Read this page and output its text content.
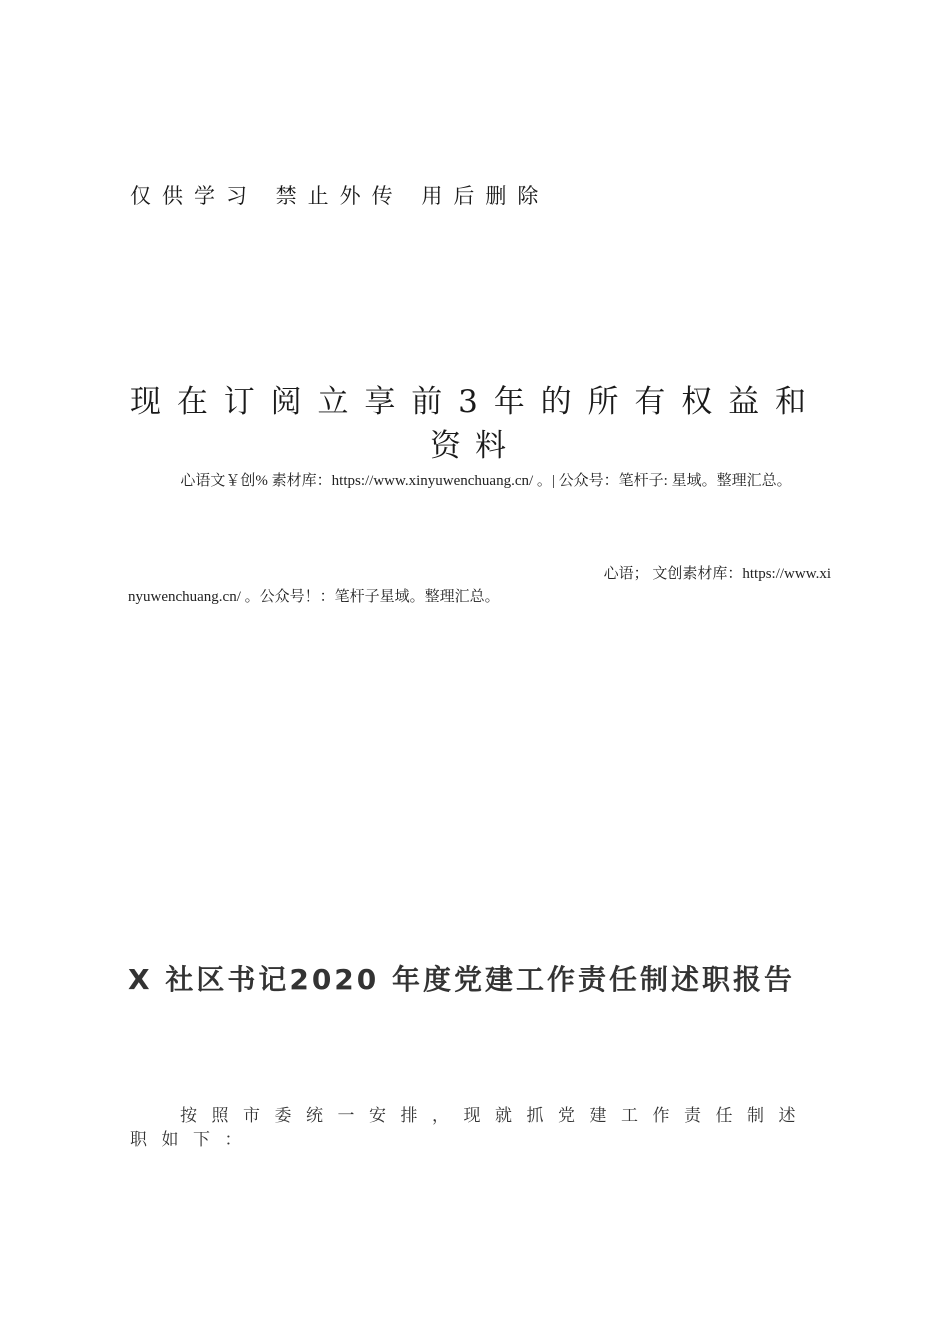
仅供学习 禁止外传 用后删除
现在订阅立享前3年的所有权益和资料
心语文￥创% 素材库：https://www.xinyuwenchuang.cn/ 。| 公众号：笔杆子: 星域。整理汇总。
心语； 文创素材库：https://www.xi
nyuwenchuang.cn/ 。公众号！：笔杆子星域。整理汇总。
X 社区书记2020 年度党建工作责任制述职报告
按照市委统一安排，现就抓党建工作责任制述职如下：
